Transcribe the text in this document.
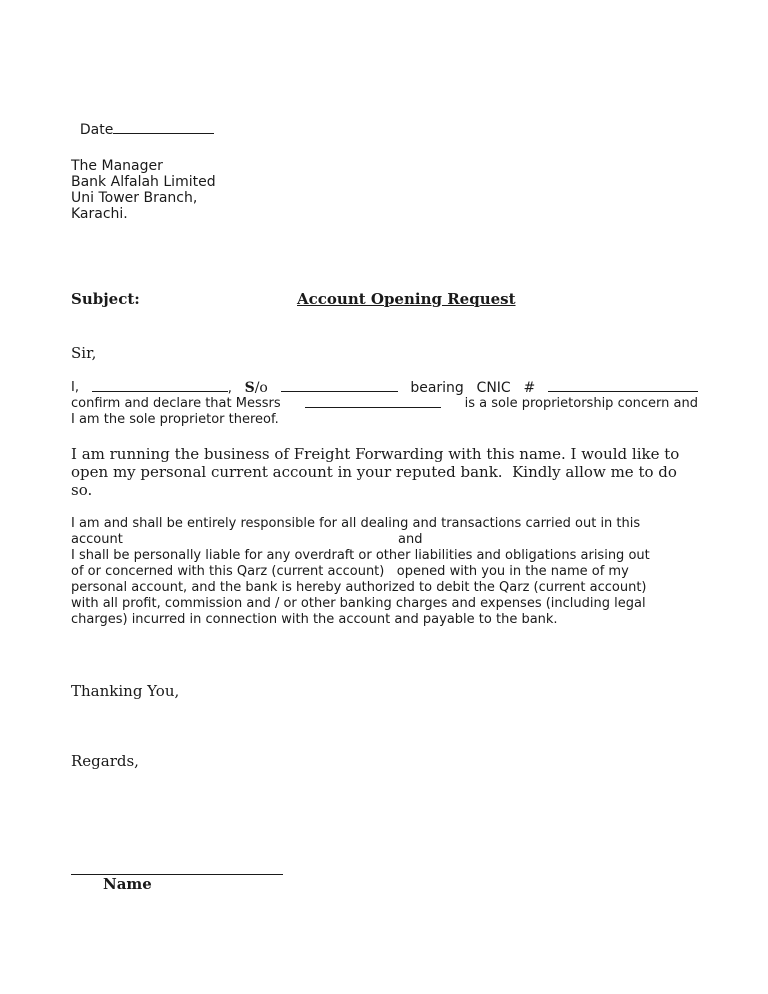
Date

The Manager
Bank Alfalah Limited
Uni Tower Branch,
Karachi.
Subject:	Account Opening Request
Sir,
I,	, S/o	bearing CNIC #
confirm and declare that Messrs	is a sole proprietorship concern and
I am the sole proprietor thereof.
I am running the business of Freight Forwarding with this name. I would like to
open my personal current account in your reputed bank.  Kindly allow me to do
so.
I am and shall be entirely responsible for all dealing and transactions carried out in this
account	and
I shall be personally liable for any overdraft or other liabilities and obligations arising out
of or concerned with this Qarz (current account)   opened with you in the name of my
personal account, and the bank is hereby authorized to debit the Qarz (current account)
with all profit, commission and / or other banking charges and expenses (including legal
charges) incurred in connection with the account and payable to the bank.
Thanking You,
Regards,
Name
